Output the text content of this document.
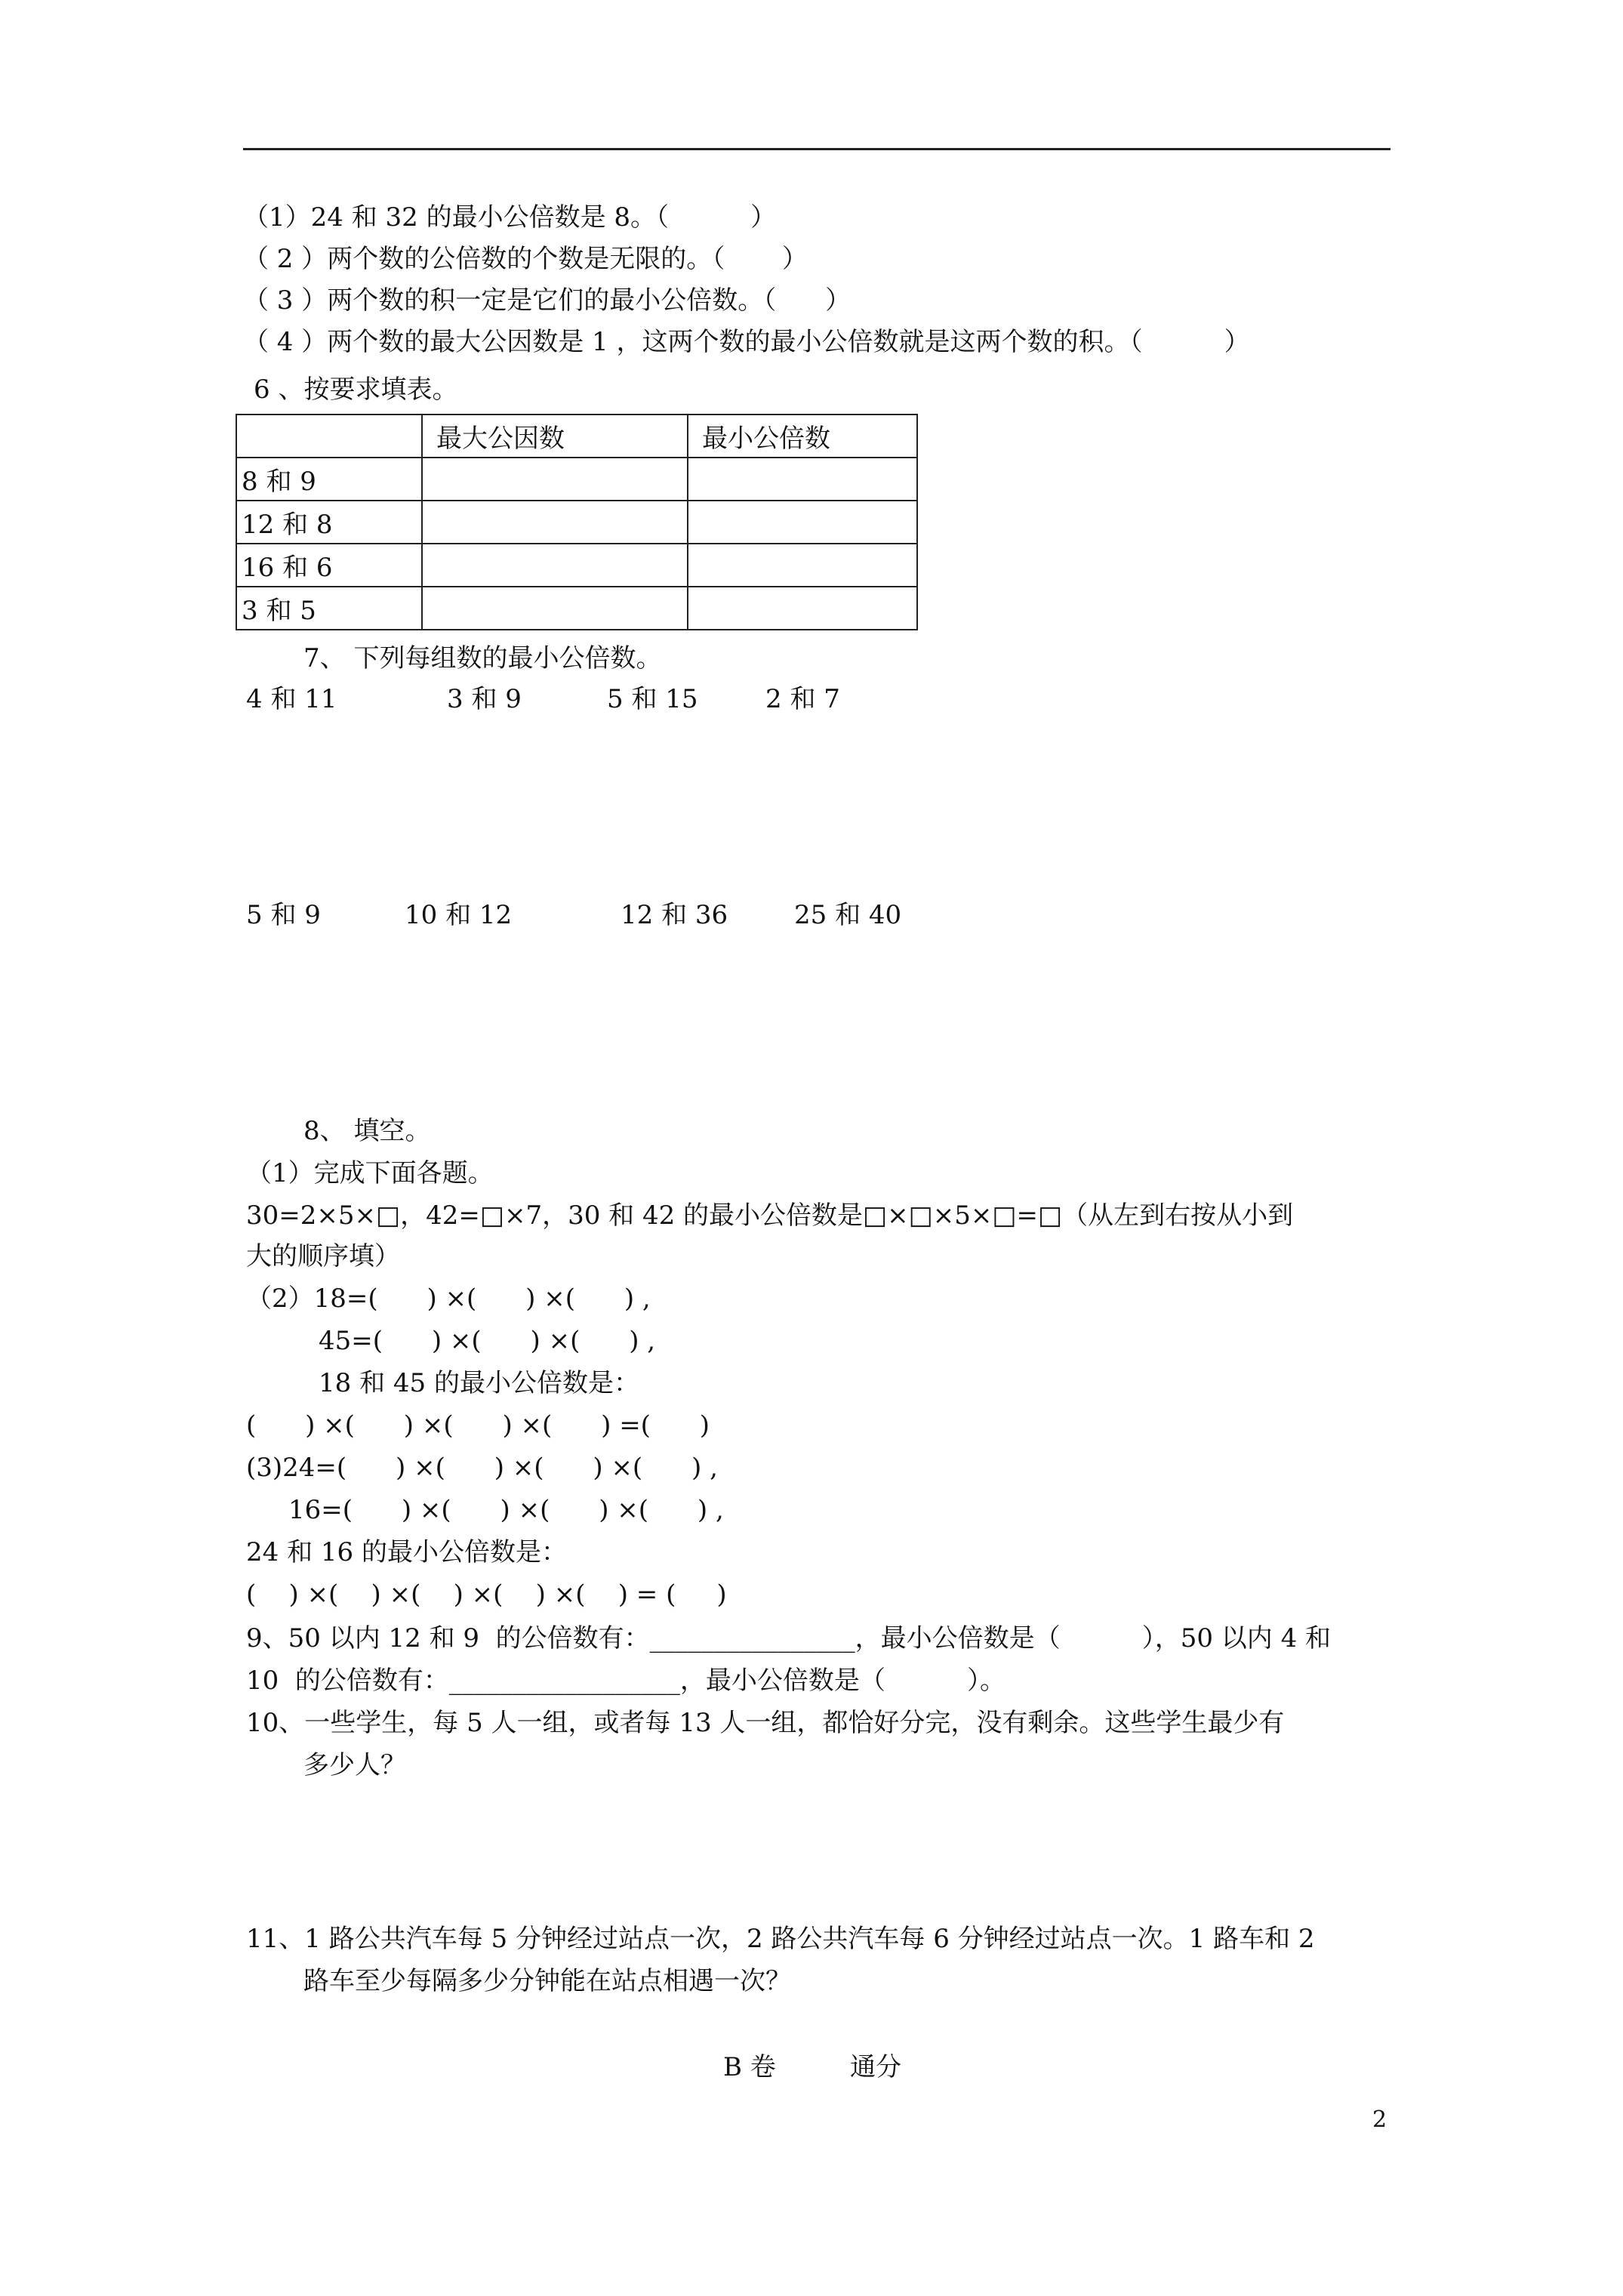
（1）24 和 32 的最小公倍数是 8。（          ）
（ 2 ）两个数的公倍数的个数是无限的。（       ）
（ 3 ）两个数的积一定是它们的最小公倍数。（      ）
（ 4 ）两个数的最大公因数是 1 ，这两个数的最小公倍数就是这两个数的积。（          ）
6 、按要求填表。
	最大公因数	最小公倍数
8 和 9		
12 和 8		
16 和 6		
3 和 5		
7、 下列每组数的最小公倍数。
4 和 11	3 和 9	5 和 15	2 和 7
5 和 9	10 和 12	12 和 36	25 和 40
8、 填空。
（1）完成下面各题。
30=2×5×□，42=□×7，30 和 42 的最小公倍数是□×□×5×□=□（从左到右按从小到
大的顺序填）
（2）18=(      ) ×(      ) ×(      ) ,
45=(      ) ×(      ) ×(      ) ,
18 和 45 的最小公倍数是：
(      ) ×(      ) ×(      ) ×(      ) =(      )
(3)24=(      ) ×(      ) ×(      ) ×(      ) ,
16=(      ) ×(      ) ×(      ) ×(      ) ,
24 和 16 的最小公倍数是：
(    ) ×(    ) ×(    ) ×(    ) ×(    ) = (     )
9、50 以内 12 和 9  的公倍数有：________________，最小公倍数是（          ），50 以内 4 和
10  的公倍数有：__________________，最小公倍数是（          ）。
10、一些学生，每 5 人一组，或者每 13 人一组，都恰好分完，没有剩余。这些学生最少有
多少人？
11、1 路公共汽车每 5 分钟经过站点一次，2 路公共汽车每 6 分钟经过站点一次。1 路车和 2
路车至少每隔多少分钟能在站点相遇一次？
B 卷	通分
2
